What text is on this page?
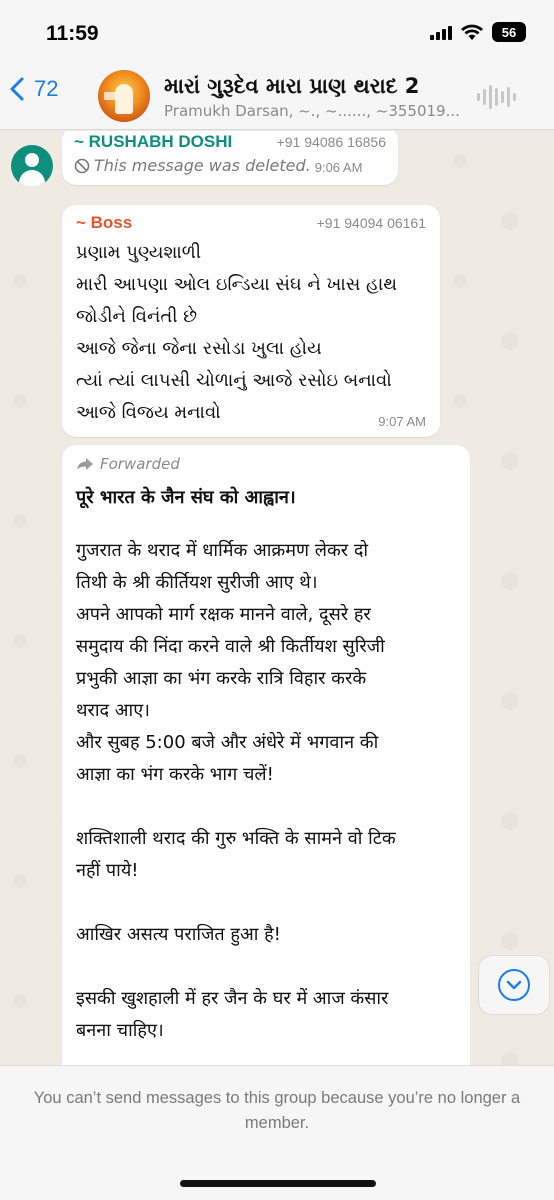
11:59	56
72	મારાં ગુરૂદેવ મારા પ્રાણ થરાદ 2
Pramukh Darsan, ~., ~......, ~355019...
~ RUSHABH DOSHI	+91 94086 16856
This message was deleted. 9:06 AM
~ Boss	+91 94094 06161
પ્રણામ પુણ્યશાળી
મારી આપણા ઓલ ઇન્ડિયા સંઘ ને ખાસ હાથ
જોડીને વિનંતી છે
આજે જેના જેના રસોડા ખુલા હોય
ત્યાં ત્યાં લાપસી ચોળાનું આજે રસોઇ બનાવો
આજે વિજય મનાવો	9:07 AM
Forwarded
पूरे भारत के जैन संघ को आह्वान।
गुजरात के थराद में धार्मिक आक्रमण लेकर दो
तिथी के श्री कीर्तियश सुरीजी आए थे।
अपने आपको मार्ग रक्षक मानने वाले, दूसरे हर
समुदाय की निंदा करने वाले श्री किर्तीयश सुरिजी
प्रभुकी आज्ञा का भंग करके रात्रि विहार करके
थराद आए।
और सुबह 5:00 बजे और अंधेरे में भगवान की
आज्ञा का भंग करके भाग चलें!
शक्तिशाली थराद की गुरु भक्ति के सामने वो टिक
नहीं पाये!
आखिर असत्य पराजित हुआ है!
इसकी खुशहाली में हर जैन के घर में आज कंसार
बनना चाहिए।
You can’t send messages to this group because you’re no longer a member.
